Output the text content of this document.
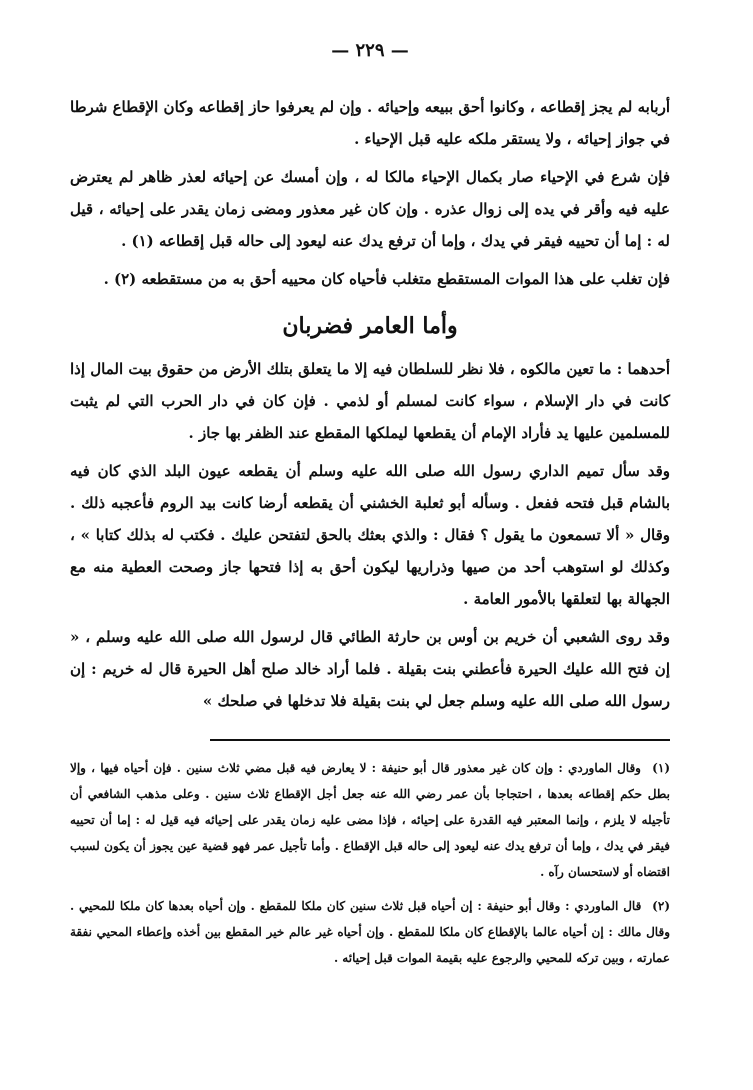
— ٢٢٩ —

أربابه لم يجز إقطاعه ، وكانوا أحق ببيعه وإحيائه . وإن لم يعرفوا حاز إقطاعه وكان الإقطاع شرطا في جواز إحيائه ، ولا يستقر ملكه عليه قبل الإحياء .

فإن شرع في الإحياء صار بكمال الإحياء مالكا له ، وإن أمسك عن إحيائه لعذر ظاهر لم يعترض عليه فيه وأقر في يده إلى زوال عذره . وإن كان غير معذور ومضى زمان يقدر على إحيائه ، قيل له : إما أن تحييه فيقر في يدك ، وإما أن ترفع يدك عنه ليعود إلى حاله قبل إقطاعه (١) .

فإن تغلب على هذا الموات المستقطع متغلب فأحياه كان محييه أحق به من مستقطعه (٢) .

وأما العامر فضربان

أحدهما : ما تعين مالكوه ، فلا نظر للسلطان فيه إلا ما يتعلق بتلك الأرض من حقوق بيت المال إذا كانت في دار الإسلام ، سواء كانت لمسلم أو لذمي . فإن كان في دار الحرب التي لم يثبت للمسلمين عليها يد فأراد الإمام أن يقطعها ليملكها المقطع عند الظفر بها جاز .

وقد سأل تميم الداري رسول الله صلى الله عليه وسلم أن يقطعه عيون البلد الذي كان فيه بالشام قبل فتحه ففعل . وسأله أبو ثعلبة الخشني أن يقطعه أرضا كانت بيد الروم فأعجبه ذلك . وقال « ألا تسمعون ما يقول ؟ فقال : والذي بعثك بالحق لتفتحن عليك . فكتب له بذلك كتابا » ، وكذلك لو استوهب أحد من صيها وذراريها ليكون أحق به إذا فتحها جاز وصحت العطية منه مع الجهالة بها لتعلقها بالأمور العامة .

وقد روى الشعبي أن خريم بن أوس بن حارثة الطائي قال لرسول الله صلى الله عليه وسلم ، « إن فتح الله عليك الحيرة فأعطني بنت بقيلة . فلما أراد خالد صلح أهل الحيرة قال له خريم : إن رسول الله صلى الله عليه وسلم جعل لي بنت بقيلة فلا تدخلها في صلحك »

(١) وقال الماوردي : وإن كان غير معذور قال أبو حنيفة : لا يعارض فيه قبل مضي ثلاث سنين . فإن أحياه فيها ، وإلا بطل حكم إقطاعه بعدها ، احتجاجا بأن عمر رضي الله عنه جعل أجل الإقطاع ثلاث سنين . وعلى مذهب الشافعي أن تأجيله لا يلزم ، وإنما المعتبر فيه القدرة على إحيائه ، فإذا مضى عليه زمان يقدر على إحيائه فيه قيل له : إما أن تحييه فيقر في يدك ، وإما أن ترفع يدك عنه ليعود إلى حاله قبل الإقطاع . وأما تأجيل عمر فهو قضية عين يجوز أن يكون لسبب اقتضاه أو لاستحسان رآه .

(٢) قال الماوردي : وقال أبو حنيفة : إن أحياه قبل ثلاث سنين كان ملكا للمقطع . وإن أحياه بعدها كان ملكا للمحيي . وقال مالك : إن أحياه عالما بالإقطاع كان ملكا للمقطع . وإن أحياه غير عالم خير المقطع بين أخذه وإعطاء المحيي نفقة عمارته ، وبين تركه للمحيي والرجوع عليه بقيمة الموات قبل إحيائه .
